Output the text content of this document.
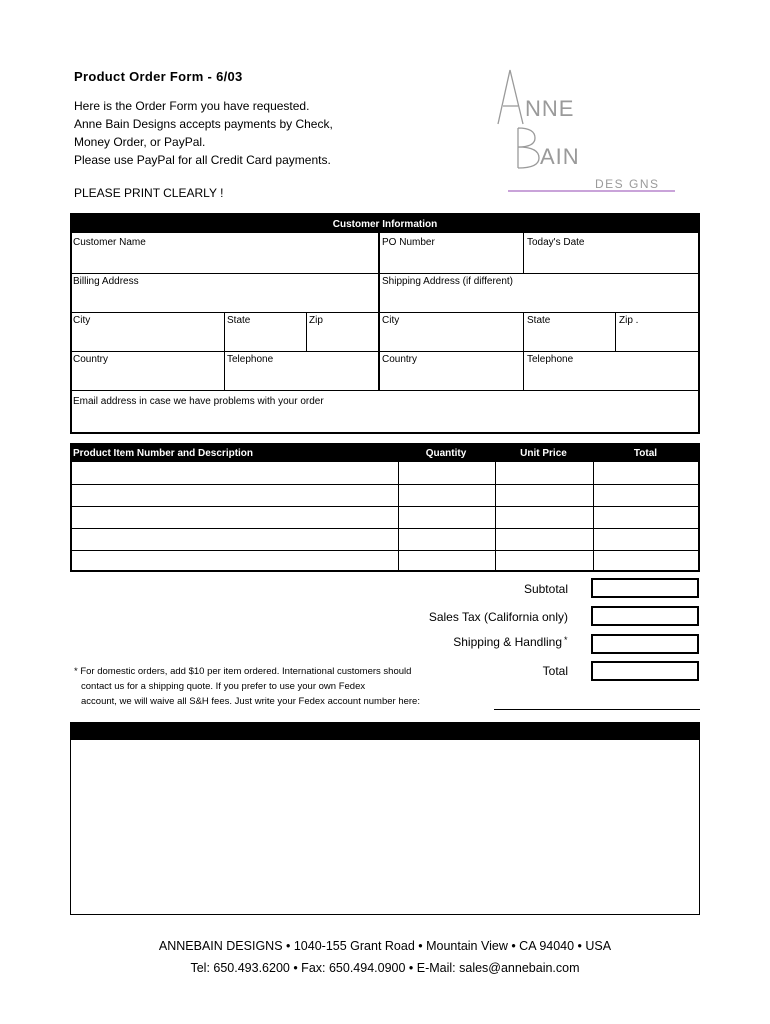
Product Order Form - 6/03
Here is the Order Form you have requested.
Anne Bain Designs accepts payments by Check,
Money Order, or PayPal.
Please use PayPal for all Credit Card payments.
PLEASE PRINT CLEARLY !
NNE
AIN
DES GNS
Customer Information
Customer Name	PO Number	Today's Date
Billing Address	Shipping Address (if different)
City	State	Zip	City	State	Zip .
Country	Telephone	Country	Telephone
Email address in case we have problems with your order
Product Item Number and Description	Quantity	Unit Price	Total
Subtotal
Sales Tax (California only)
Shipping & Handling *
Total
* For domestic orders, add $10 per item ordered. International customers should
contact us for a shipping quote. If you prefer to use your own Fedex
account, we will waive all S&H fees. Just write your Fedex account number here:
ANNEBAIN DESIGNS • 1040-155 Grant Road • Mountain View • CA 94040 • USA
Tel: 650.493.6200 • Fax: 650.494.0900 • E-Mail: sales@annebain.com
